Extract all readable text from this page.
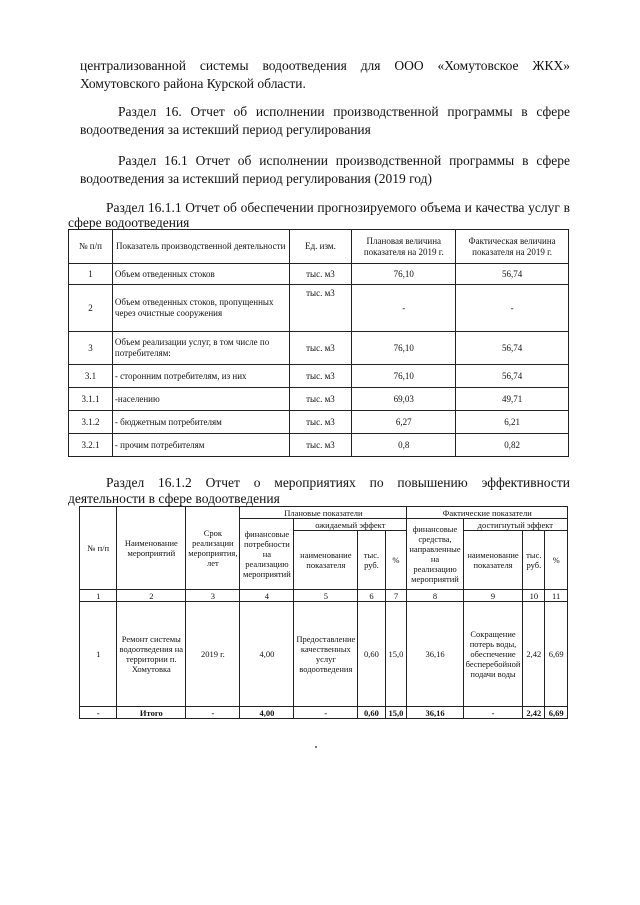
централизованной системы водоотведения для ООО «Хомутовское ЖКХ» Хомутовского района Курской области.
Раздел 16. Отчет об исполнении производственной программы в сфере водоотведения за истекший период регулирования
Раздел 16.1 Отчет об исполнении производственной программы в сфере водоотведения за истекший период регулирования (2019 год)
Раздел 16.1.1 Отчет об обеспечении прогнозируемого объема и качества услуг в сфере водоотведения
№ п/п	Показатель производственной деятельности	Ед. изм.	Плановая величина показателя на 2019 г.	Фактическая величина показателя на 2019 г.
1	Объем отведенных стоков	тыс. м3	76,10	56,74
2	Объем отведенных стоков, пропущенных через очистные сооружения	тыс. м3	-	-
3	Объем реализации услуг, в том числе по потребителям:	тыс. м3	76,10	56,74
3.1	- сторонним потребителям, из них	тыс. м3	76,10	56,74
3.1.1	-населению	тыс. м3	69,03	49,71
3.1.2	- бюджетным потребителям	тыс. м3	6,27	6,21
3.2.1	- прочим потребителям	тыс. м3	0,8	0,82
Раздел 16.1.2 Отчет о мероприятиях по повышению эффективности деятельности в сфере водоотведения
№ п/п	Наименование мероприятий	Срок реализации мероприятия, лет	Плановые показатели				Фактические показатели			
			финансовые потребности на реализацию мероприятий	ожидаемый эффект			финансовые средства, направленные на реализацию мероприятий	достигнутый эффект		
				наименование показателя	тыс. руб.	%		наименование показателя	тыс. руб.	%
1	2	3	4	5	6	7	8	9	10	11
1	Ремонт системы водоотведения на территории п. Хомутовка	2019 г.	4,00	Предоставление качественных услуг водоотведения	0,60	15,0	36,16	Сокращение потерь воды, обеспечение бесперебойной подачи воды	2,42	6,69
-	Итого	-	4,00	-	0,60	15,0	36,16	-	2,42	6,69
